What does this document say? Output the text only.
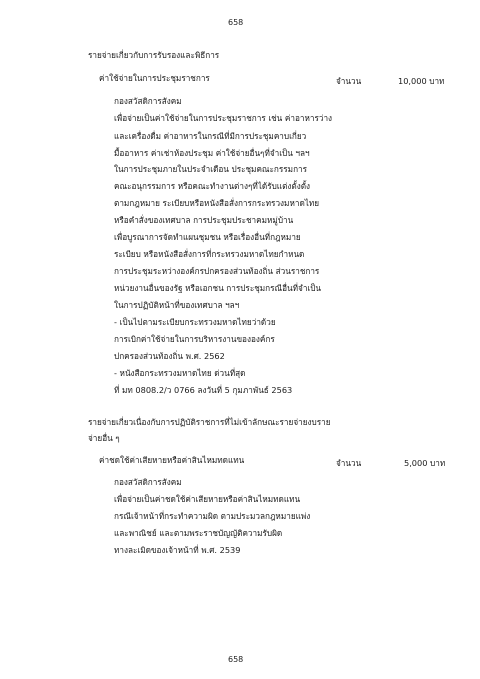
658
รายจ่ายเกี่ยวกับการรับรองและพิธีการ
ค่าใช้จ่ายในการประชุมราชการ	จำนวน	10,000 บาท
กองสวัสดิการสังคม
เพื่อจ่ายเป็นค่าใช้จ่ายในการประชุมราชการ เช่น ค่าอาหารว่าง
และเครื่องดื่ม ค่าอาหารในกรณีที่มีการประชุมคาบเกี่ยว
มื้ออาหาร ค่าเช่าห้องประชุม ค่าใช้จ่ายอื่นๆที่จำเป็น ฯลฯ
ในการประชุมภายในประจำเดือน ประชุมคณะกรรมการ
คณะอนุกรรมการ หรือคณะทำงานต่างๆที่ได้รับแต่งตั้งตั้ง
ตามกฎหมาย ระเบียบหรือหนังสือสั่งการกระทรวงมหาดไทย
หรือคำสั่งของเทศบาล การประชุมประชาคมหมู่บ้าน
เพื่อบูรณาการจัดทำแผนชุมชน หรือเรื่องอื่นที่กฎหมาย
ระเบียบ หรือหนังสือสั่งการที่กระทรวงมหาดไทยกำหนด
การประชุมระหว่างองค์กรปกครองส่วนท้องถิ่น ส่วนราชการ
หน่วยงานอื่นของรัฐ หรือเอกชน การประชุมกรณีอื่นที่จำเป็น
ในการปฏิบัติหน้าที่ของเทศบาล ฯลฯ
- เป็นไปตามระเบียบกระทรวงมหาดไทยว่าด้วย
การเบิกค่าใช้จ่ายในการบริหารงานขององค์กร
ปกครองส่วนท้องถิ่น พ.ศ. 2562
- หนังสือกระทรวงมหาดไทย ด่วนที่สุด
ที่ มท 0808.2/ว 0766 ลงวันที่ 5 กุมภาพันธ์ 2563
รายจ่ายเกี่ยวเนื่องกับการปฏิบัติราชการที่ไม่เข้าลักษณะรายจ่ายงบราย
จ่ายอื่น ๆ
ค่าชดใช้ค่าเสียหายหรือค่าสินไหมทดแทน	จำนวน	5,000 บาท
กองสวัสดิการสังคม
เพื่อจ่ายเป็นค่าชดใช้ค่าเสียหายหรือค่าสินไหมทดแทน
กรณีเจ้าหน้าที่กระทำความผิด ตามประมวลกฎหมายแพ่ง
และพาณิชย์ และตามพระราชบัญญัติความรับผิด
ทางละเมิดของเจ้าหน้าที่ พ.ศ. 2539
658
